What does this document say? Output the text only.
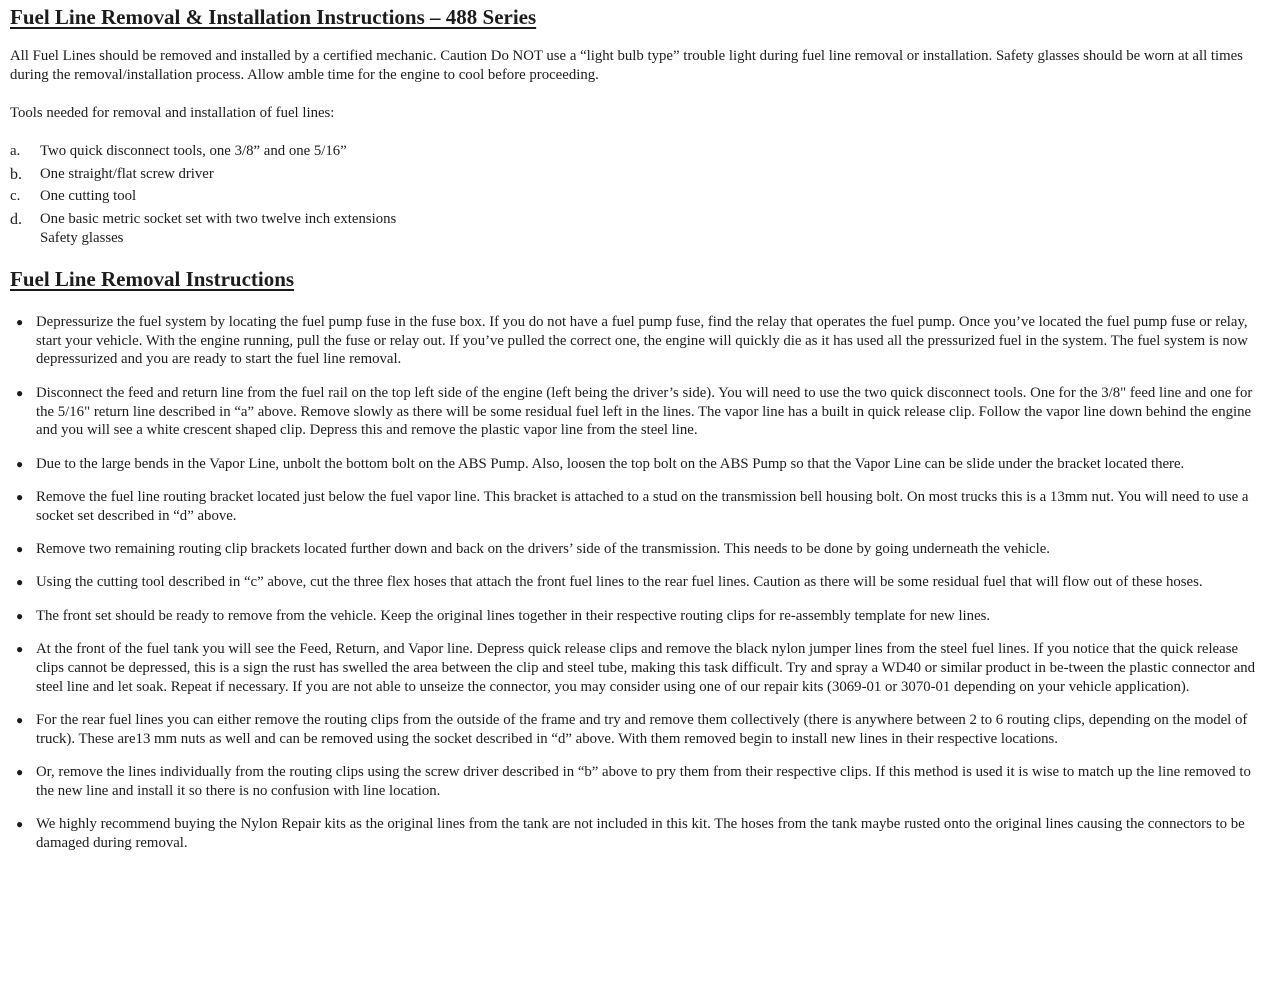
Fuel Line Removal & Installation Instructions – 488 Series

All Fuel Lines should be removed and installed by a certified mechanic. Caution Do NOT use a “light bulb type” trouble light during fuel line removal or installation. Safety glasses should be worn at all times during the removal/installation process. Allow amble time for the engine to cool before proceeding.

Tools needed for removal and installation of fuel lines:

a.	Two quick disconnect tools, one 3/8” and one 5/16”
b.	One straight/flat screw driver
c.	One cutting tool
d.	One basic metric socket set with two twelve inch extensions
Safety glasses
Fuel Line Removal Instructions
● Depressurize the fuel system by locating the fuel pump fuse in the fuse box. If you do not have a fuel pump fuse, find the relay that operates the fuel pump. Once you’ve located the fuel pump fuse or relay, start your vehicle. With the engine running, pull the fuse or relay out. If you’ve pulled the correct one, the engine will quickly die as it has used all the pressurized fuel in the system. The fuel system is now depressurized and you are ready to start the fuel line removal.
● Disconnect the feed and return line from the fuel rail on the top left side of the engine (left being the driver’s side). You will need to use the two quick disconnect tools. One for the 3/8" feed line and one for the 5/16" return line described in “a” above. Remove slowly as there will be some residual fuel left in the lines. The vapor line has a built in quick release clip. Follow the vapor line down behind the engine and you will see a white crescent shaped clip. Depress this and remove the plastic vapor line from the steel line.
● Due to the large bends in the Vapor Line, unbolt the bottom bolt on the ABS Pump. Also, loosen the top bolt on the ABS Pump so that the Vapor Line can be slide under the bracket located there.
● Remove the fuel line routing bracket located just below the fuel vapor line. This bracket is attached to a stud on the transmission bell housing bolt. On most trucks this is a 13mm nut. You will need to use a socket set described in “d” above.
● Remove two remaining routing clip brackets located further down and back on the drivers’ side of the transmission. This needs to be done by going underneath the vehicle.
● Using the cutting tool described in “c” above, cut the three flex hoses that attach the front fuel lines to the rear fuel lines. Caution as there will be some residual fuel that will flow out of these hoses.
● The front set should be ready to remove from the vehicle. Keep the original lines together in their respective routing clips for re-assembly template for new lines.
● At the front of the fuel tank you will see the Feed, Return, and Vapor line. Depress quick release clips and remove the black nylon jumper lines from the steel fuel lines. If you notice that the quick release clips cannot be depressed, this is a sign the rust has swelled the area between the clip and steel tube, making this task difficult. Try and spray a WD40 or similar product in be-tween the plastic connector and steel line and let soak. Repeat if necessary. If you are not able to unseize the connector, you may consider using one of our repair kits (3069-01 or 3070-01 depending on your vehicle application).
● For the rear fuel lines you can either remove the routing clips from the outside of the frame and try and remove them collectively (there is anywhere between 2 to 6 routing clips, depending on the model of truck). These are13 mm nuts as well and can be removed using the socket described in “d” above. With them removed begin to install new lines in their respective locations.
● Or, remove the lines individually from the routing clips using the screw driver described in “b” above to pry them from their respective clips. If this method is used it is wise to match up the line removed to the new line and install it so there is no confusion with line location.
● We highly recommend buying the Nylon Repair kits as the original lines from the tank are not included in this kit. The hoses from the tank maybe rusted onto the original lines causing the connectors to be damaged during removal.
